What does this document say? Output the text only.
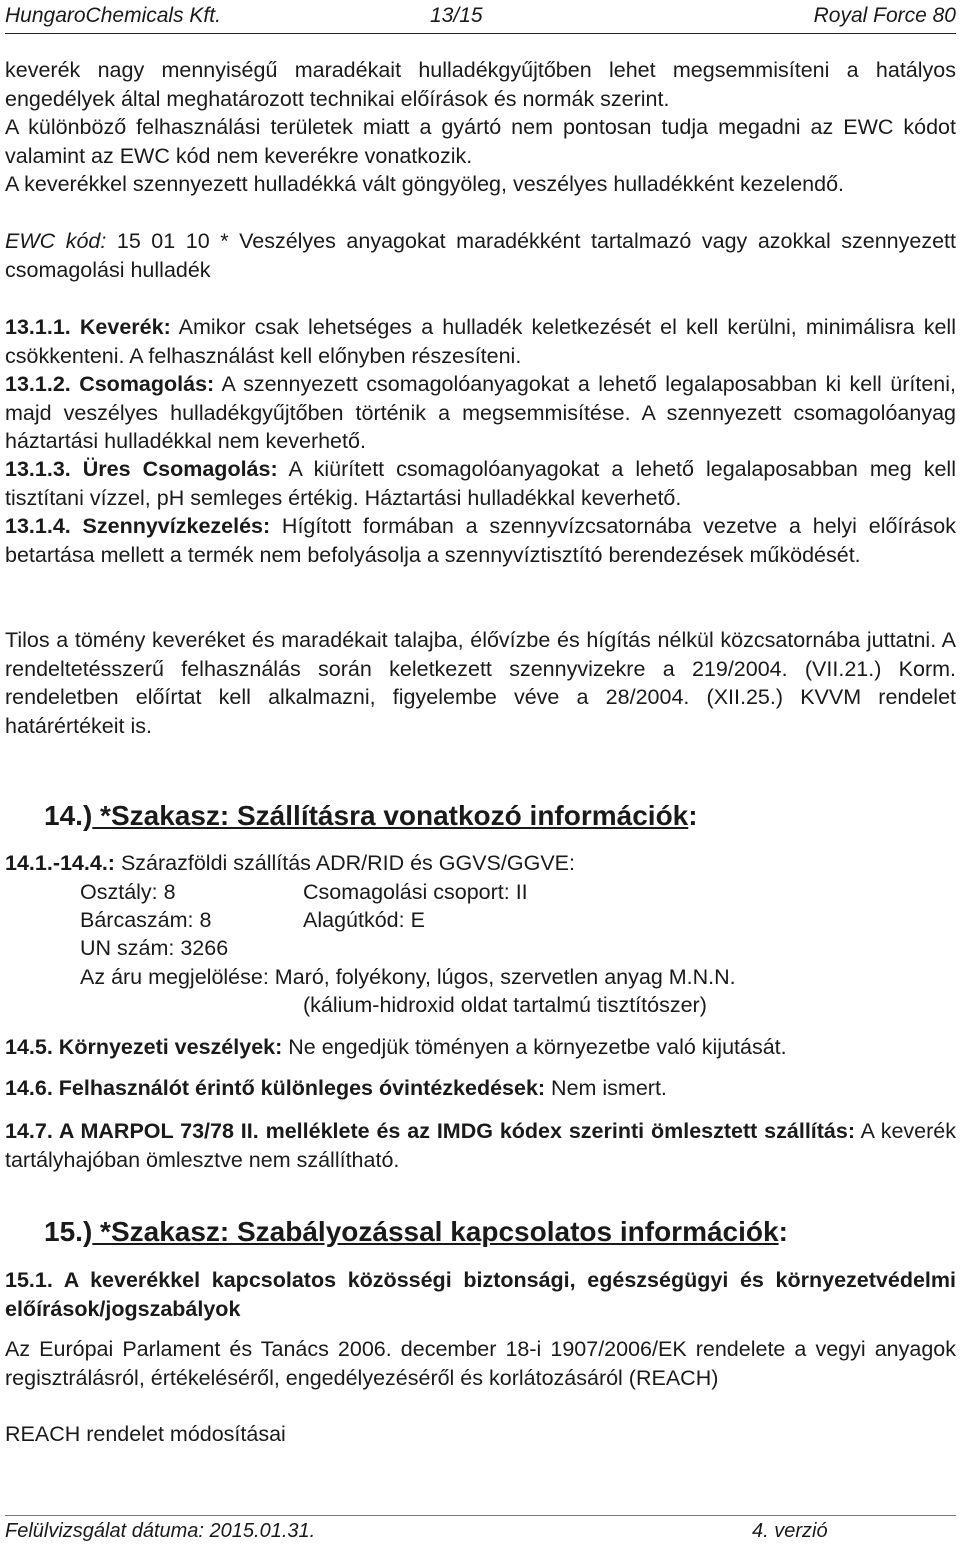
HungaroChemicals Kft.	13/15	Royal Force 80

keverék nagy mennyiségű maradékait hulladékgyűjtőben lehet megsemmisíteni a hatályos engedélyek által meghatározott technikai előírások és normák szerint.

A különböző felhasználási területek miatt a gyártó nem pontosan tudja megadni az EWC kódot valamint az EWC kód nem keverékre vonatkozik.

A keverékkel szennyezett hulladékká vált göngyöleg, veszélyes hulladékként kezelendő.

EWC kód: 15 01 10 * Veszélyes anyagokat maradékként tartalmazó vagy azokkal szennyezett csomagolási hulladék

13.1.1. Keverék: Amikor csak lehetséges a hulladék keletkezését el kell kerülni, minimálisra kell csökkenteni. A felhasználást kell előnyben részesíteni.

13.1.2. Csomagolás: A szennyezett csomagolóanyagokat a lehető legalaposabban ki kell üríteni, majd veszélyes hulladékgyűjtőben történik a megsemmisítése. A szennyezett csomagolóanyag háztartási hulladékkal nem keverhető.

13.1.3. Üres Csomagolás: A kiürített csomagolóanyagokat a lehető legalaposabban meg kell tisztítani vízzel, pH semleges értékig. Háztartási hulladékkal keverhető.

13.1.4. Szennyvízkezelés: Hígított formában a szennyvízcsatornába vezetve a helyi előírások betartása mellett a termék nem befolyásolja a szennyvíztisztító berendezések működését.

Tilos a tömény keveréket és maradékait talajba, élővízbe és hígítás nélkül közcsatornába juttatni. A rendeltetésszerű felhasználás során keletkezett szennyvizekre a 219/2004. (VII.21.) Korm. rendeletben előírtat kell alkalmazni, figyelembe véve a 28/2004. (XII.25.) KVVM rendelet határértékeit is.

14.) *Szakasz: Szállításra vonatkozó információk:

14.1.-14.4.: Szárazföldi szállítás ADR/RID és GGVS/GGVE:

Osztály: 8	Csomagolási csoport: II
Bárcaszám: 8	Alagútkód: E
UN szám: 3266
Az áru megjelölése: Maró, folyékony, lúgos, szervetlen anyag M.N.N.
(kálium-hidroxid oldat tartalmú tisztítószer)

14.5. Környezeti veszélyek: Ne engedjük töményen a környezetbe való kijutását.

14.6. Felhasználót érintő különleges óvintézkedések: Nem ismert.

14.7. A MARPOL 73/78 II. melléklete és az IMDG kódex szerinti ömlesztett szállítás: A keverék tartályhajóban ömlesztve nem szállítható.

15.) *Szakasz: Szabályozással kapcsolatos információk:

15.1. A keverékkel kapcsolatos közösségi biztonsági, egészségügyi és környezetvédelmi előírások/jogszabályok

Az Európai Parlament és Tanács 2006. december 18-i 1907/2006/EK rendelete a vegyi anyagok regisztrálásról, értékeléséről, engedélyezéséről és korlátozásáról (REACH)

REACH rendelet módosításai

Felülvizsgálat dátuma: 2015.01.31.	4. verzió
